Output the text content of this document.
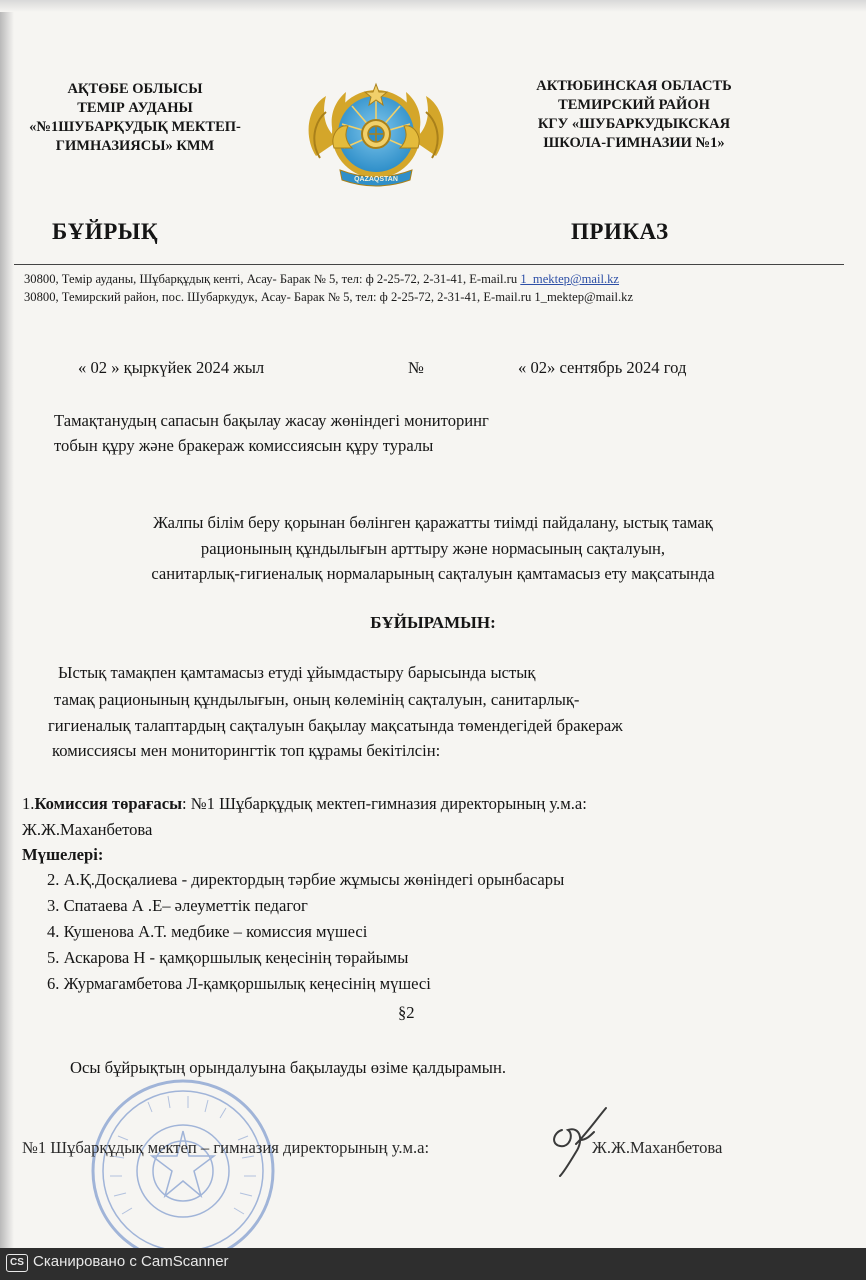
АҚТӨБЕ ОБЛЫСЫ
ТЕМІР АУДАНЫ
«№1ШУБАРҚУДЫҚ МЕКТЕП-
ГИМНАЗИЯСЫ» КММ
QAZAQSTAN
АКТЮБИНСКАЯ ОБЛАСТЬ
ТЕМИРСКИЙ РАЙОН
КГУ «ШУБАРКУДЫКСКАЯ
ШКОЛА-ГИМНАЗИИ №1»
БҰЙРЫҚ	ПРИКАЗ
30800, Темір ауданы, Шұбарқұдық кенті, Асау- Барак № 5, тел: ф 2-25-72, 2-31-41, E-mail.ru 1_mektep@mail.kz
30800, Темирский район, пос. Шубаркудук, Асау- Барак № 5, тел: ф 2-25-72, 2-31-41, E-mail.ru 1_mektep@mail.kz
« 02 » қыркүйек 2024 жыл	№	« 02» сентябрь 2024 год
Тамақтанудың сапасын бақылау жасау жөніндегі мониторинг
тобын құру және бракераж комиссиясын құру туралы
Жалпы білім беру қорынан бөлінген қаражатты тиімді пайдалану, ыстық тамақ
рационының құндылығын арттыру және нормасының сақталуын,
санитарлық-гигиеналық нормаларының сақталуын қамтамасыз ету мақсатында
БҰЙЫРАМЫН:
Ыстық тамақпен қамтамасыз етуді ұйымдастыру барысында ыстық
тамақ рационының құндылығын, оның көлемінің сақталуын, санитарлық-
гигиеналық талаптардың сақталуын бақылау мақсатында төмендегідей бракераж
комиссиясы мен мониторингтік топ құрамы бекітілсін:
1.Комиссия төрағасы: №1 Шұбарқұдық мектеп-гимназия директорының у.м.а:
Ж.Ж.Маханбетова
Мүшелері:
2. А.Қ.Досқалиева - директордың тәрбие жұмысы жөніндегі орынбасары
3. Спатаева А .Е– әлеуметтік педагог
4. Кушенова А.Т. медбике – комиссия мүшесі
5. Аскарова Н - қамқоршылық кеңесінің төрайымы
6. Журмагамбетова Л-қамқоршылық кеңесінің мүшесі
§2
Осы бұйрықтың орындалуына бақылауды өзіме қалдырамын.
№1 Шұбарқұдық мектеп – гимназия директорының у.м.а:	Ж.Ж.Маханбетова
CS Сканировано с CamScanner
